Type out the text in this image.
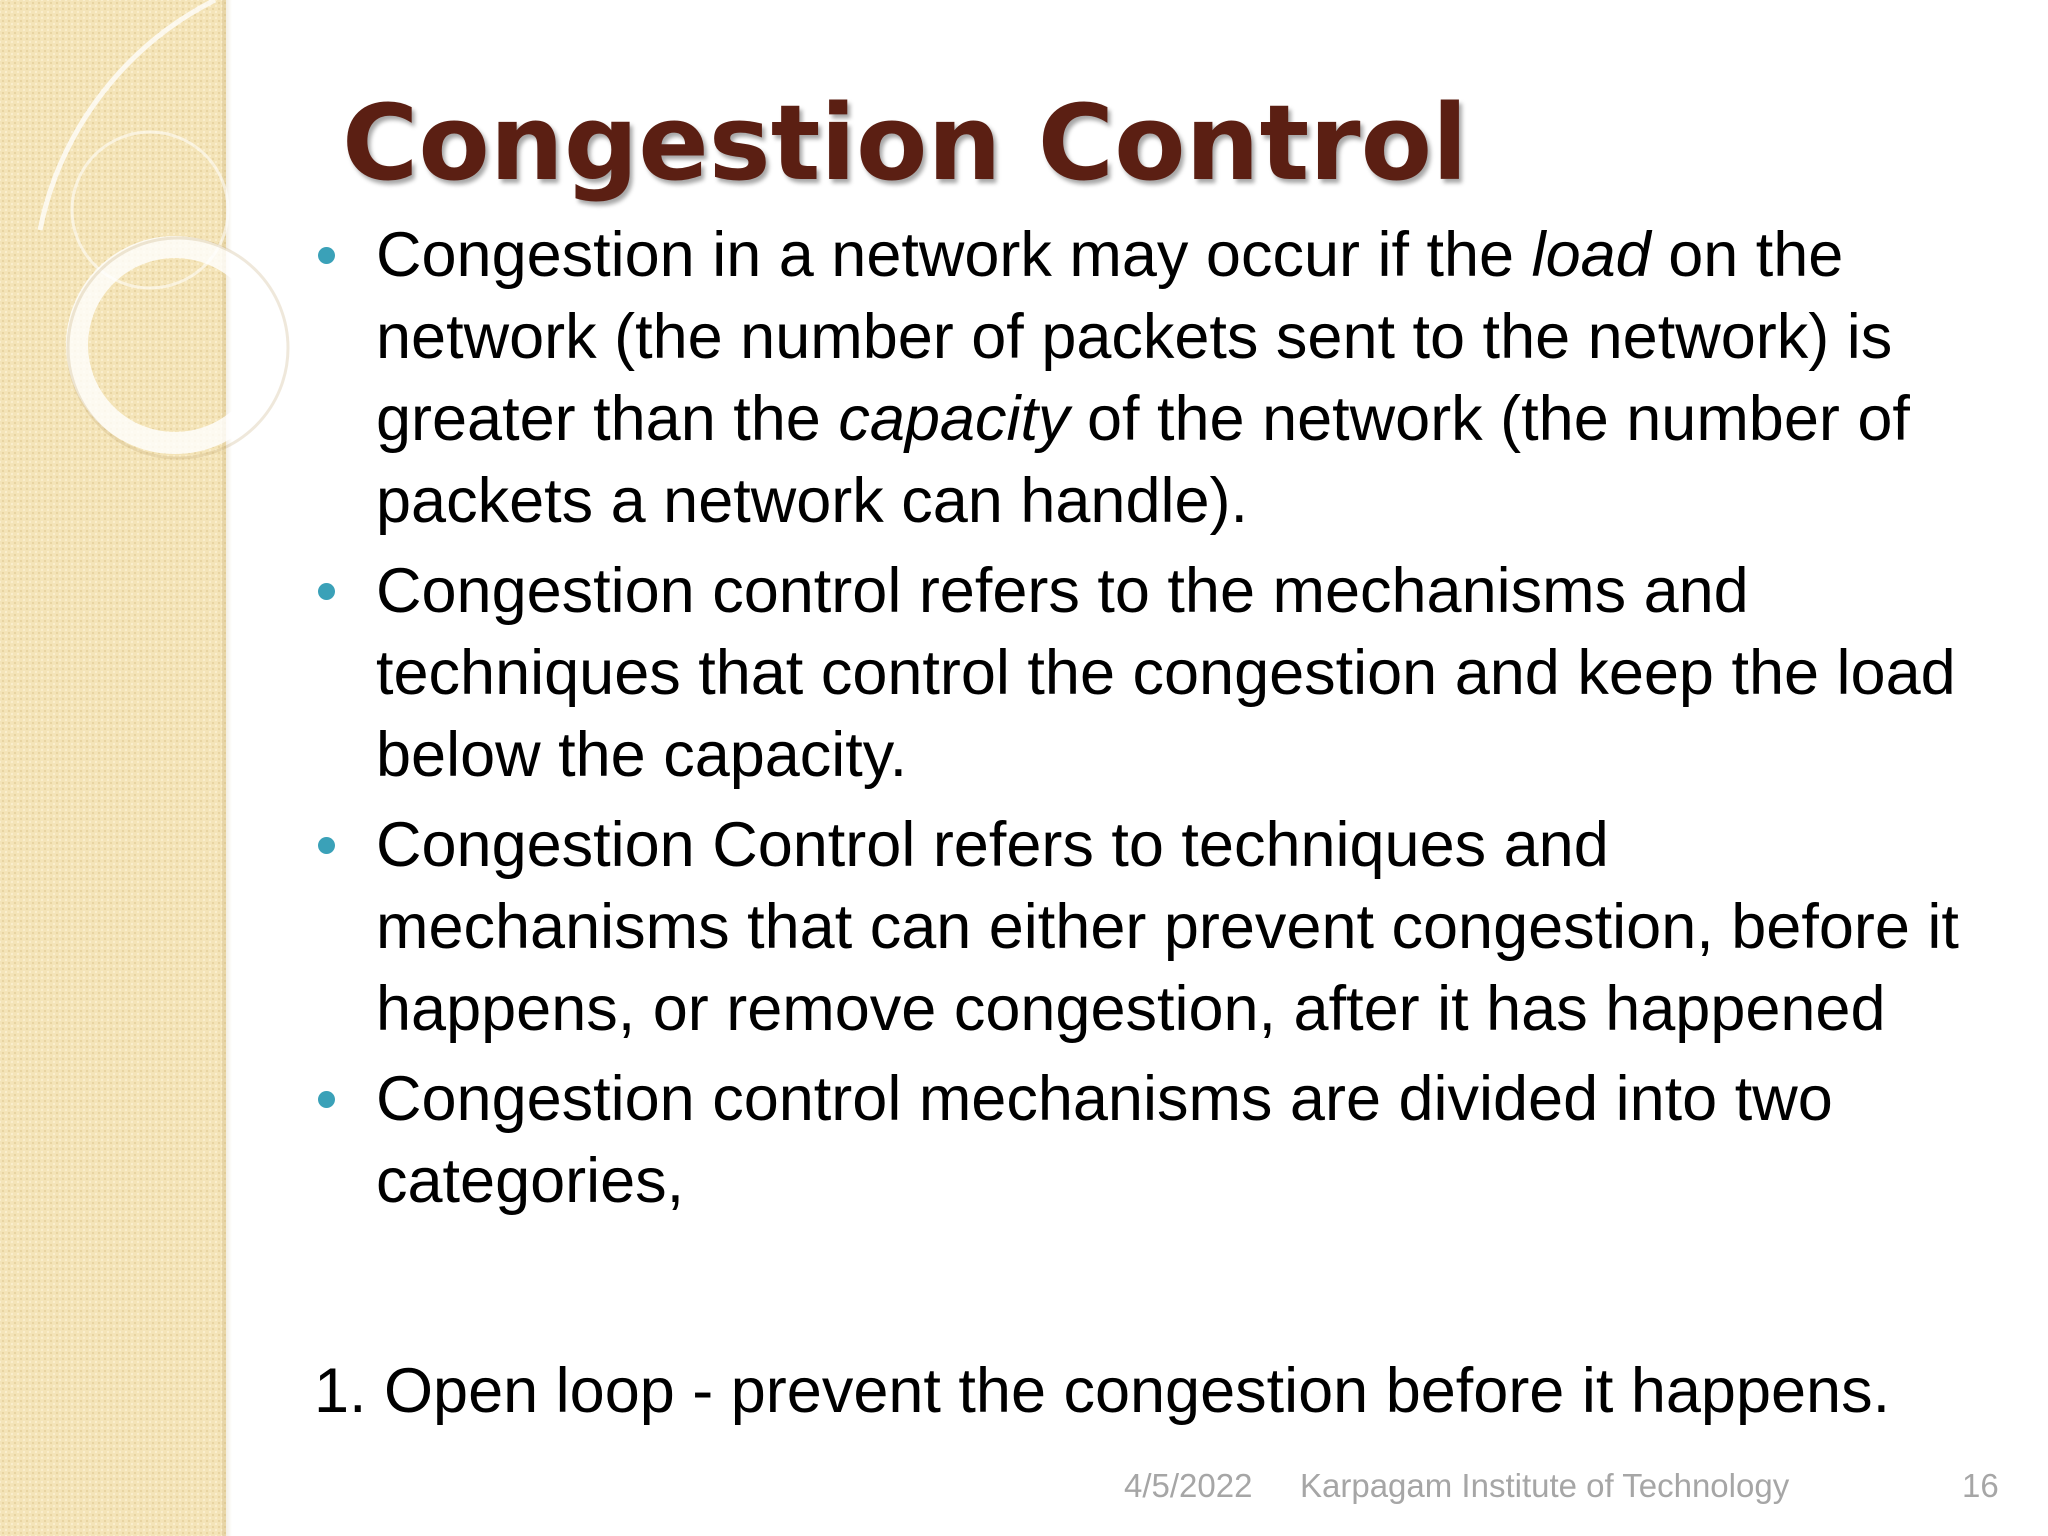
Congestion Control
Congestion in a network may occur if the load on the network (the number of packets sent to the network) is greater than the capacity of the network (the number of packets a network can handle).
Congestion control refers to the mechanisms and techniques that control the congestion and keep the load below the capacity.
Congestion Control refers to techniques and mechanisms that can either prevent congestion, before it happens, or remove congestion, after it has happened
Congestion control mechanisms are divided into two categories,

1. Open loop - prevent the congestion before it happens.

4/5/2022 Karpagam Institute of Technology	16
